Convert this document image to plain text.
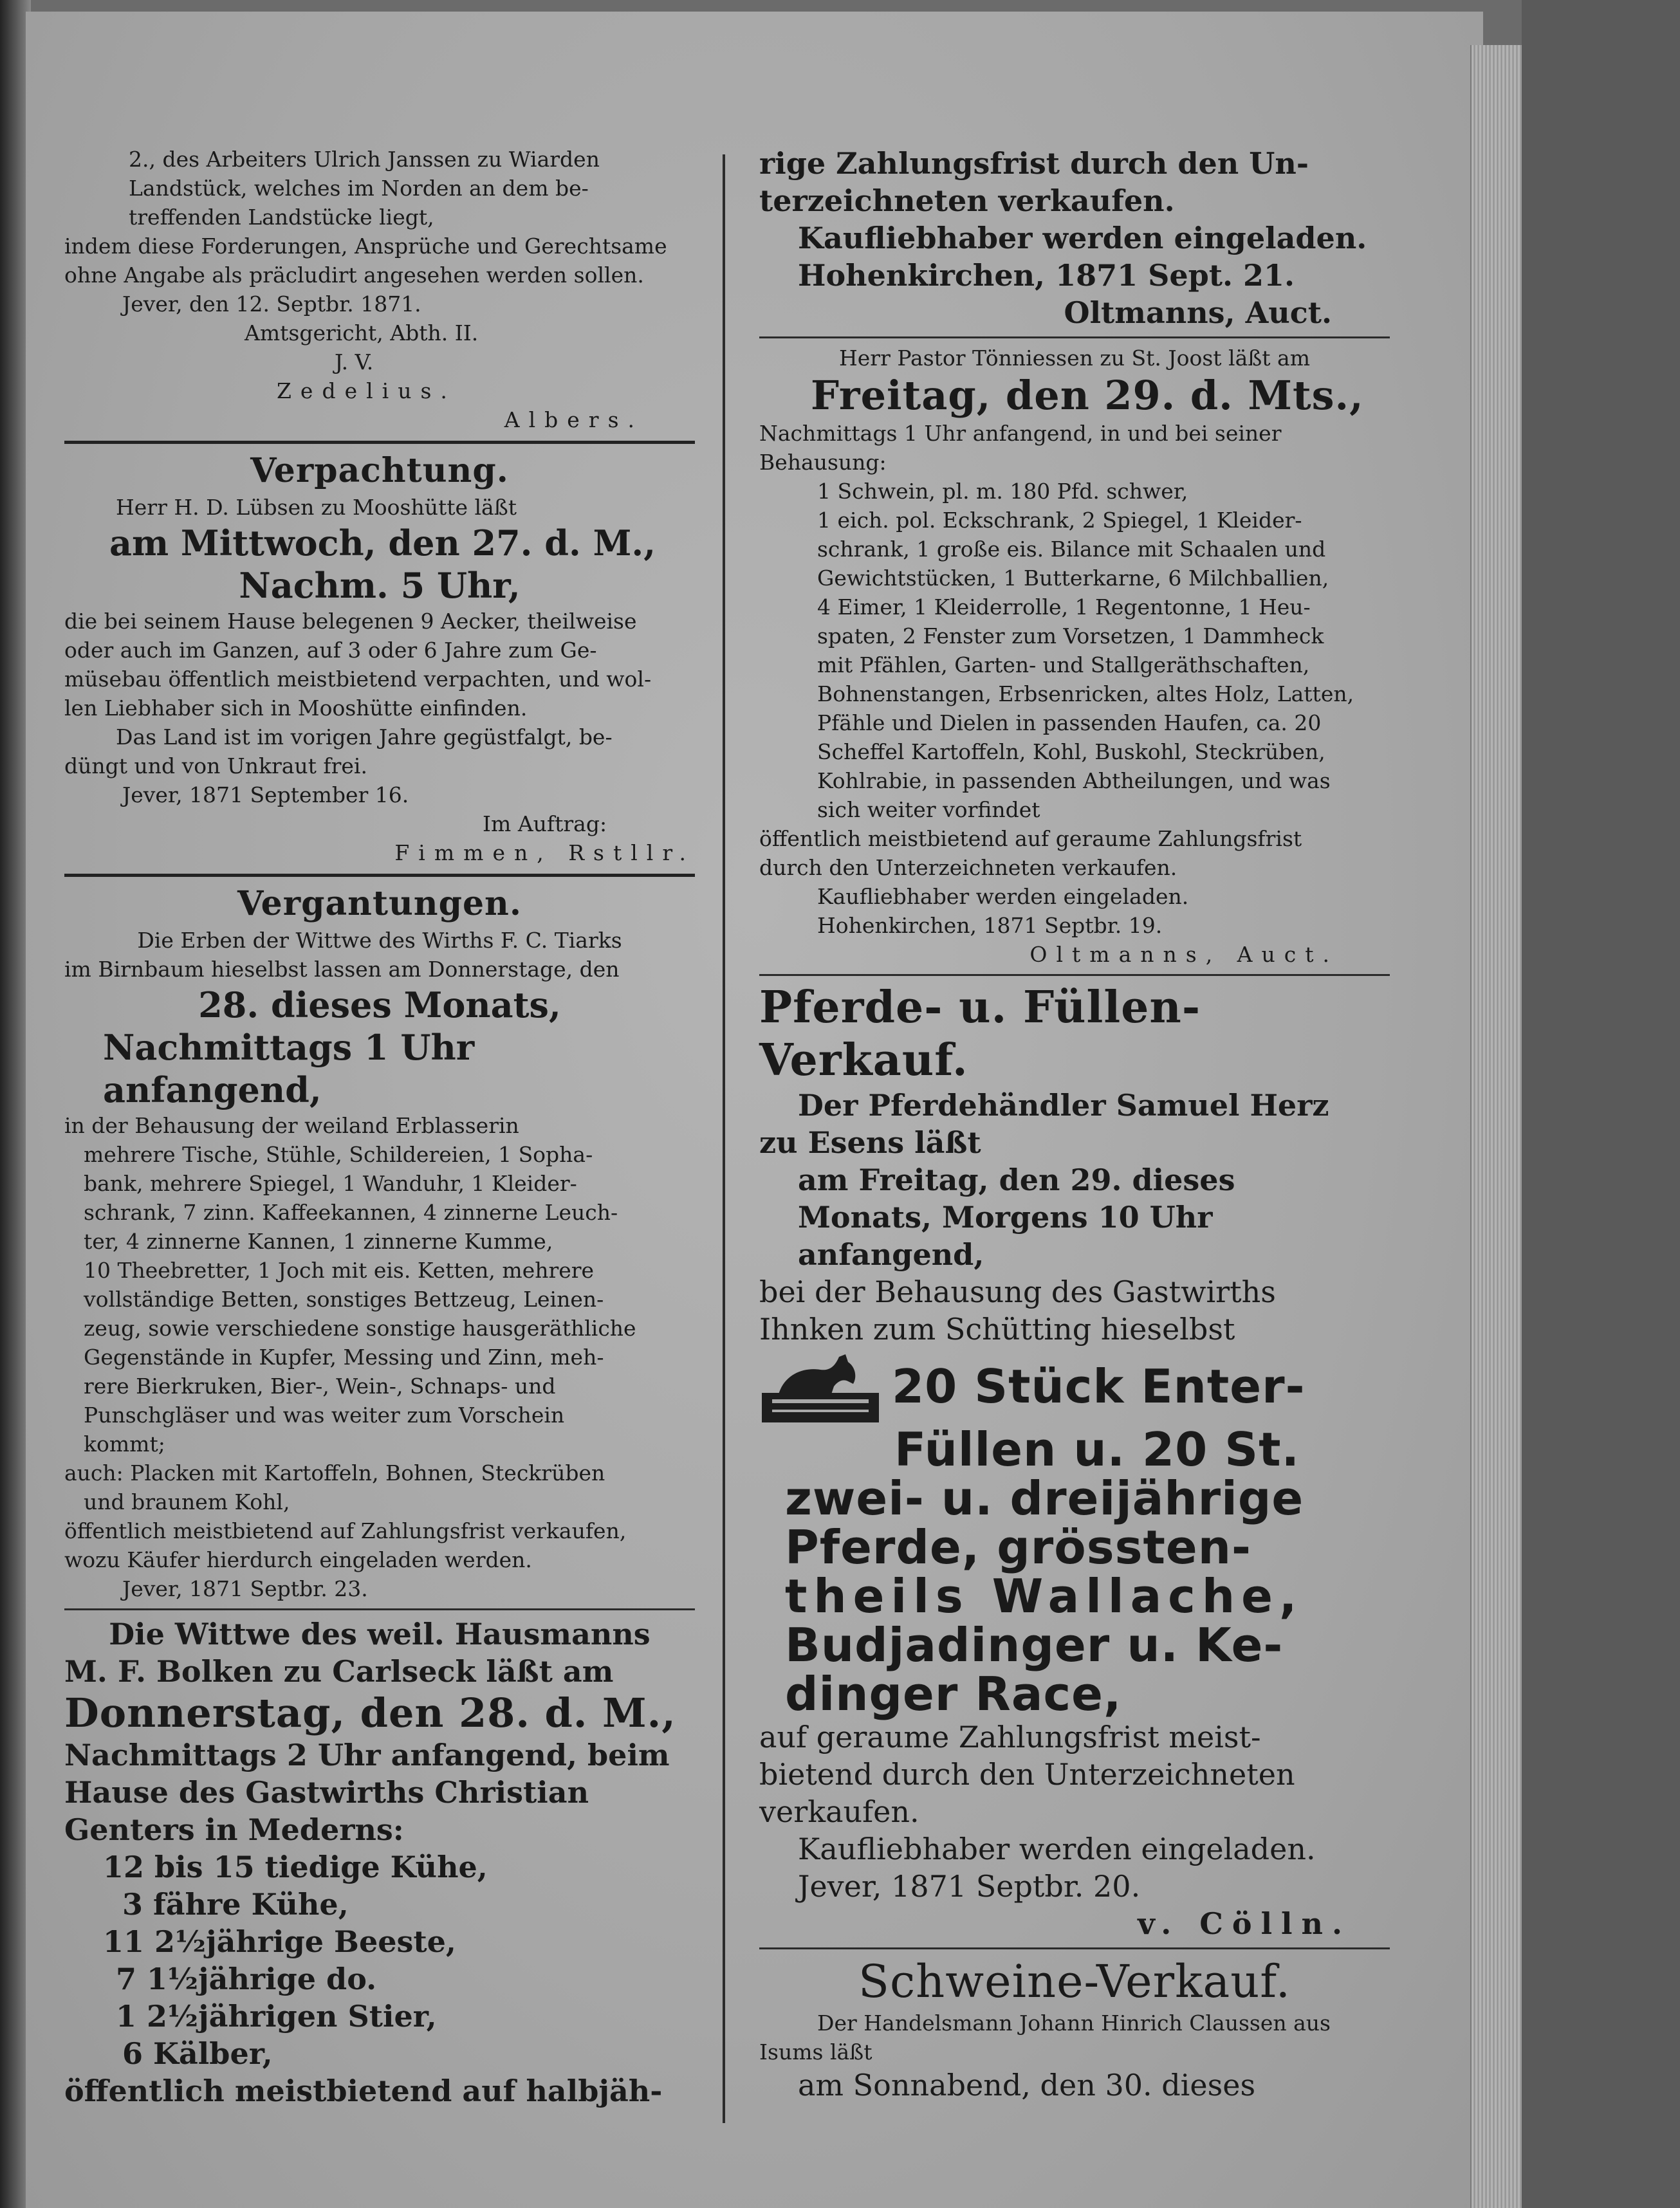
2., des Arbeiters Ulrich Janssen zu Wiarden

Landstück, welches im Norden an dem be-

treffenden Landstücke liegt,

indem diese Forderungen, Ansprüche und Gerechtsame

ohne Angabe als präcludirt angesehen werden sollen.

Jever, den 12. Septbr. 1871.

Amtsgericht, Abth. II.

J. V.

Zedelius.

Albers.

Verpachtung.

Herr H. D. Lübsen zu Mooshütte läßt

am Mittwoch, den 27. d. M.,

Nachm. 5 Uhr,

die bei seinem Hause belegenen 9 Aecker, theilweise

oder auch im Ganzen, auf 3 oder 6 Jahre zum Ge-

müsebau öffentlich meistbietend verpachten, und wol-

len Liebhaber sich in Mooshütte einfinden.

Das Land ist im vorigen Jahre gegüstfalgt, be-

düngt und von Unkraut frei.

Jever, 1871 September 16.

Im Auftrag:

Fimmen, Rstllr.

Vergantungen.

Die Erben der Wittwe des Wirths F. C. Tiarks

im Birnbaum hieselbst lassen am Donnerstage, den

28. dieses Monats,

Nachmittags 1 Uhr anfangend,

in der Behausung der weiland Erblasserin

mehrere Tische, Stühle, Schildereien, 1 Sopha-

bank, mehrere Spiegel, 1 Wanduhr, 1 Kleider-

schrank, 7 zinn. Kaffeekannen, 4 zinnerne Leuch-

ter, 4 zinnerne Kannen, 1 zinnerne Kumme,

10 Theebretter, 1 Joch mit eis. Ketten, mehrere

vollständige Betten, sonstiges Bettzeug, Leinen-

zeug, sowie verschiedene sonstige hausgeräthliche

Gegenstände in Kupfer, Messing und Zinn, meh-

rere Bierkruken, Bier-, Wein-, Schnaps- und

Punschgläser und was weiter zum Vorschein

kommt;

auch: Placken mit Kartoffeln, Bohnen, Steckrüben

und braunem Kohl,

öffentlich meistbietend auf Zahlungsfrist verkaufen,

wozu Käufer hierdurch eingeladen werden.

Jever, 1871 Septbr. 23.

Die Wittwe des weil. Hausmanns

M. F. Bolken zu Carlseck läßt am

Donnerstag, den 28. d. M.,

Nachmittags 2 Uhr anfangend, beim

Hause des Gastwirths Christian

Genters in Mederns:

12 bis 15 tiedige Kühe,

3 fähre Kühe,

11 2½jährige Beeste,

7 1½jährige do.

1 2½jährigen Stier,

6 Kälber,

öffentlich meistbietend auf halbjäh-

rige Zahlungsfrist durch den Un-

terzeichneten verkaufen.

Kaufliebhaber werden eingeladen.

Hohenkirchen, 1871 Sept. 21.

Oltmanns, Auct.

Herr Pastor Tönniessen zu St. Joost läßt am

Freitag, den 29. d. Mts.,

Nachmittags 1 Uhr anfangend, in und bei seiner

Behausung:

1 Schwein, pl. m. 180 Pfd. schwer,

1 eich. pol. Eckschrank, 2 Spiegel, 1 Kleider-

schrank, 1 große eis. Bilance mit Schaalen und

Gewichtstücken, 1 Butterkarne, 6 Milchballien,

4 Eimer, 1 Kleiderrolle, 1 Regentonne, 1 Heu-

spaten, 2 Fenster zum Vorsetzen, 1 Dammheck

mit Pfählen, Garten- und Stallgeräthschaften,

Bohnenstangen, Erbsenricken, altes Holz, Latten,

Pfähle und Dielen in passenden Haufen, ca. 20

Scheffel Kartoffeln, Kohl, Buskohl, Steckrüben,

Kohlrabie, in passenden Abtheilungen, und was

sich weiter vorfindet

öffentlich meistbietend auf geraume Zahlungsfrist

durch den Unterzeichneten verkaufen.

Kaufliebhaber werden eingeladen.

Hohenkirchen, 1871 Septbr. 19.

Oltmanns, Auct.

Pferde- u. Füllen-Verkauf.

Der Pferdehändler Samuel Herz

zu Esens läßt

am Freitag, den 29. dieses

Monats, Morgens 10 Uhr

anfangend,

bei der Behausung des Gastwirths

Ihnken zum Schütting hieselbst

20 Stück Enter-

Füllen u. 20 St.

zwei- u. dreijährige

Pferde, grössten-

theils Wallache,

Budjadinger u. Ke-

dinger Race,

auf geraume Zahlungsfrist meist-

bietend durch den Unterzeichneten

verkaufen.

Kaufliebhaber werden eingeladen.

Jever, 1871 Septbr. 20.

v. Cölln.

Schweine-Verkauf.

Der Handelsmann Johann Hinrich Claussen aus

Isums läßt

am Sonnabend, den 30. dieses
